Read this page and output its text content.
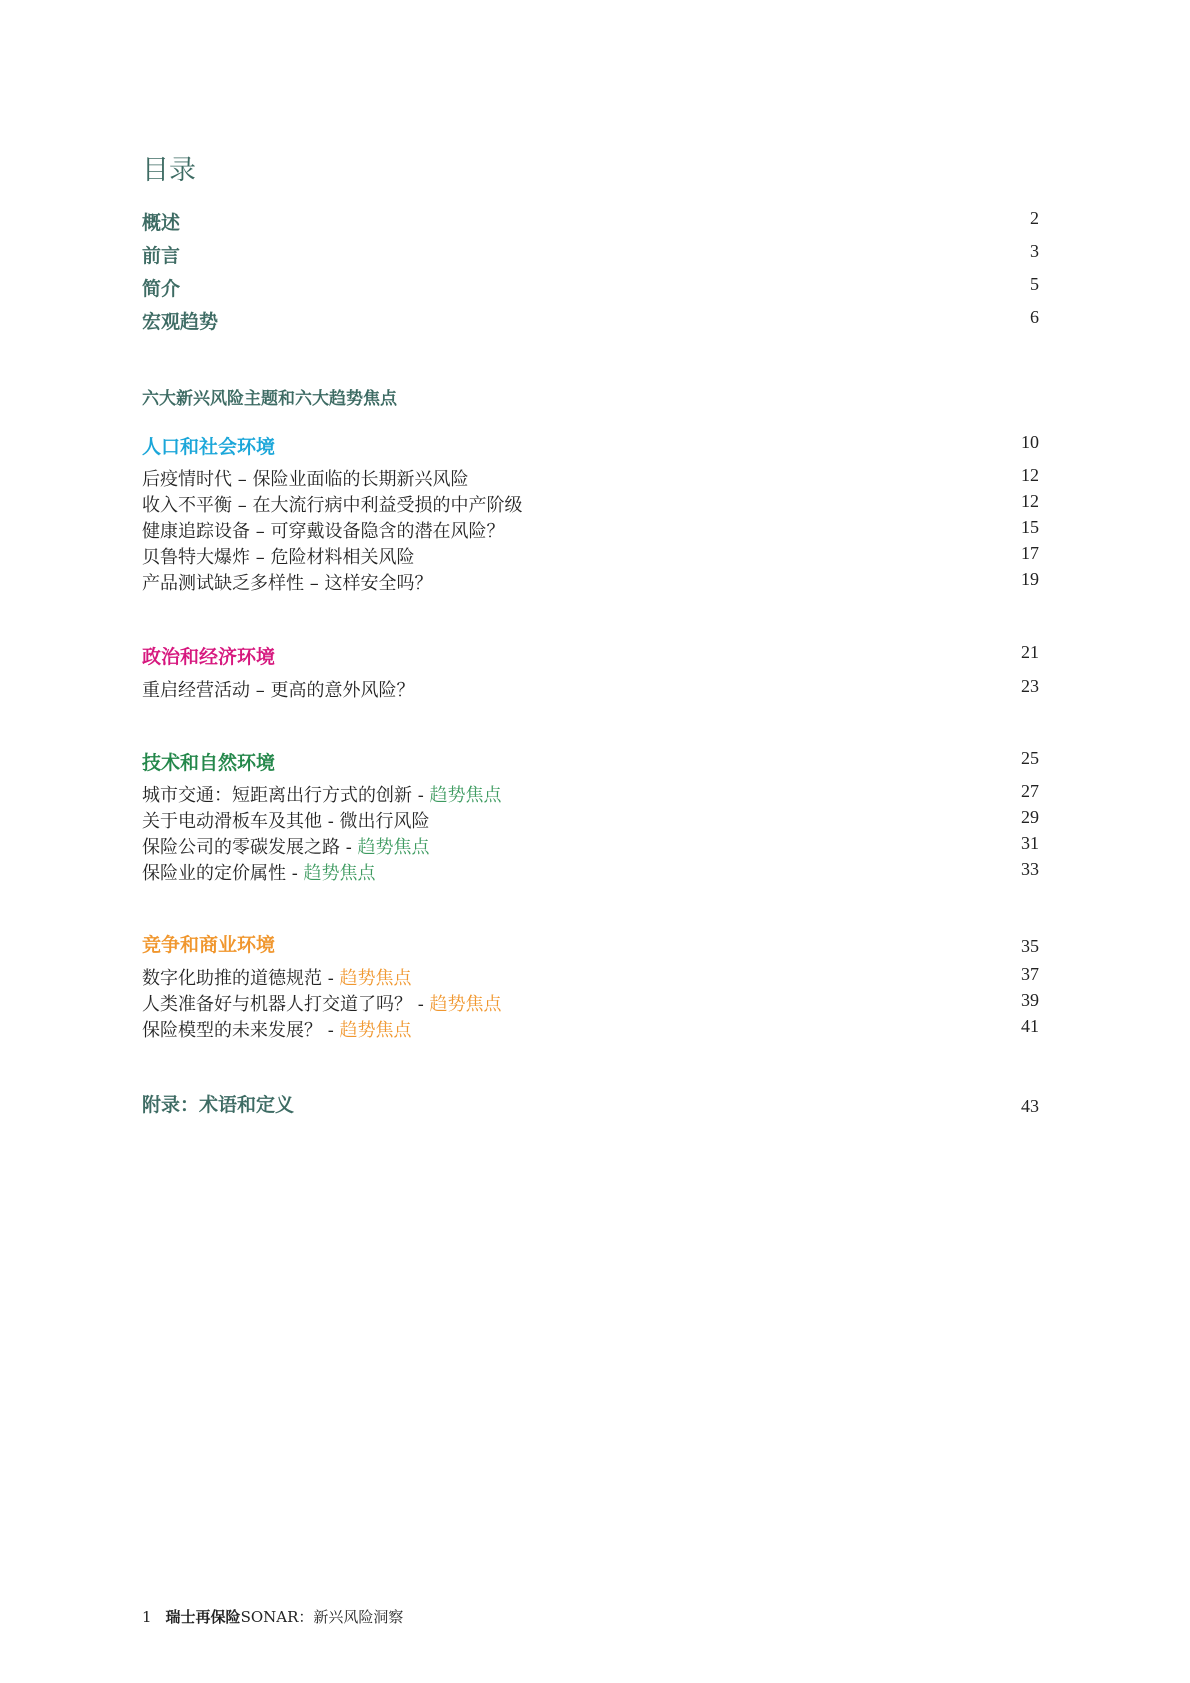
目录
概述	2
前言	3
简介	5
宏观趋势	6
六大新兴风险主题和六大趋势焦点
人口和社会环境	10
后疫情时代 – 保险业面临的长期新兴风险	12
收入不平衡 – 在大流行病中利益受损的中产阶级	12
健康追踪设备 – 可穿戴设备隐含的潜在风险？	15
贝鲁特大爆炸 – 危险材料相关风险	17
产品测试缺乏多样性 – 这样安全吗？	19
政治和经济环境	21
重启经营活动 – 更高的意外风险？	23
技术和自然环境	25
城市交通：短距离出行方式的创新 - 趋势焦点	27
关于电动滑板车及其他 - 微出行风险	29
保险公司的零碳发展之路 - 趋势焦点	31
保险业的定价属性 - 趋势焦点	33
竞争和商业环境	35
数字化助推的道德规范 - 趋势焦点	37
人类准备好与机器人打交道了吗？ - 趋势焦点	39
保险模型的未来发展？ - 趋势焦点	41
附录：术语和定义	43
1 瑞士再保险SONAR：新兴风险洞察
